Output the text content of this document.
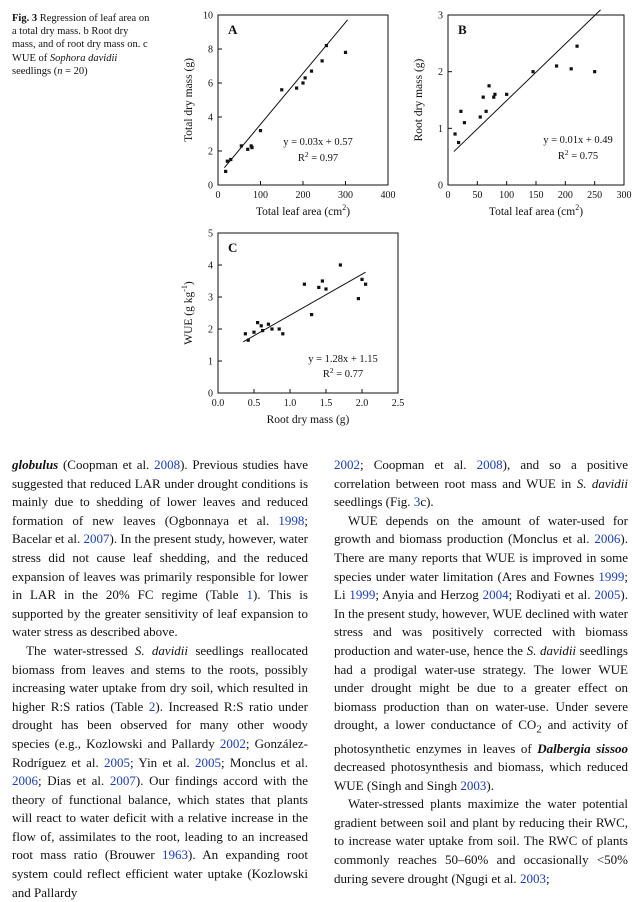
Fig. 3 Regression of leaf area on a total dry mass. b Root dry mass, and of root dry mass on. c WUE of Sophora davidii seedlings (n = 20)
0	100	200	300	400
0
2
4
6
8
10
Total leaf area $(cm^2)$
Total dry mass (g)
A
y = 0.03x + 0.57
$R^2 = 0.97$
0 50 100 150 200 250 300
0
1
2
3
Total leaf area $(cm^2)$
Root dry mass (g)
B
y = 0.01x + 0.49
$R^2 = 0.75$
0.0 0.5 1.0 1.5 2.0 2.5
0
1
2
3
4
5
Root dry mass (g)
WUE (g $kg^{-1}$)
C
y = 1.28x + 1.15
$R^2 = 0.77$

globulus (Coopman et al. 2008). Previous studies have suggested that reduced LAR under drought conditions is mainly due to shedding of lower leaves and reduced formation of new leaves (Ogbonnaya et al. 1998; Bacelar et al. 2007). In the present study, however, water stress did not cause leaf shedding, and the reduced expansion of leaves was primarily responsible for lower in LAR in the 20% FC regime (Table 1). This is supported by the greater sensitivity of leaf expansion to water stress as described above.

The water-stressed S. davidii seedlings reallocated biomass from leaves and stems to the roots, possibly increasing water uptake from dry soil, which resulted in higher R:S ratios (Table 2). Increased R:S ratio under drought has been observed for many other woody species (e.g., Kozlowski and Pallardy 2002; González-Rodríguez et al. 2005; Yin et al. 2005; Monclus et al. 2006; Dias et al. 2007). Our findings accord with the theory of functional balance, which states that plants will react to water deficit with a relative increase in the flow of, assimilates to the root, leading to an increased root mass ratio (Brouwer 1963). An expanding root system could reflect efficient water uptake (Kozlowski and Pallardy

2002; Coopman et al. 2008), and so a positive correlation between root mass and WUE in S. davidii seedlings (Fig. 3c).

WUE depends on the amount of water-used for growth and biomass production (Monclus et al. 2006). There are many reports that WUE is improved in some species under water limitation (Ares and Fownes 1999; Li 1999; Anyia and Herzog 2004; Rodiyati et al. 2005). In the present study, however, WUE declined with water stress and was positively corrected with biomass production and water-use, hence the S. davidii seedlings had a prodigal water-use strategy. The lower WUE under drought might be due to a greater effect on biomass production than on water-use. Under severe drought, a lower conductance of $CO_2$ and activity of photosynthetic enzymes in leaves of Dalbergia sissoo decreased photosynthesis and biomass, which reduced WUE (Singh and Singh 2003).

Water-stressed plants maximize the water potential gradient between soil and plant by reducing their RWC, to increase water uptake from soil. The RWC of plants commonly reaches 50–60% and occasionally <50% during severe drought (Ngugi et al. 2003;
